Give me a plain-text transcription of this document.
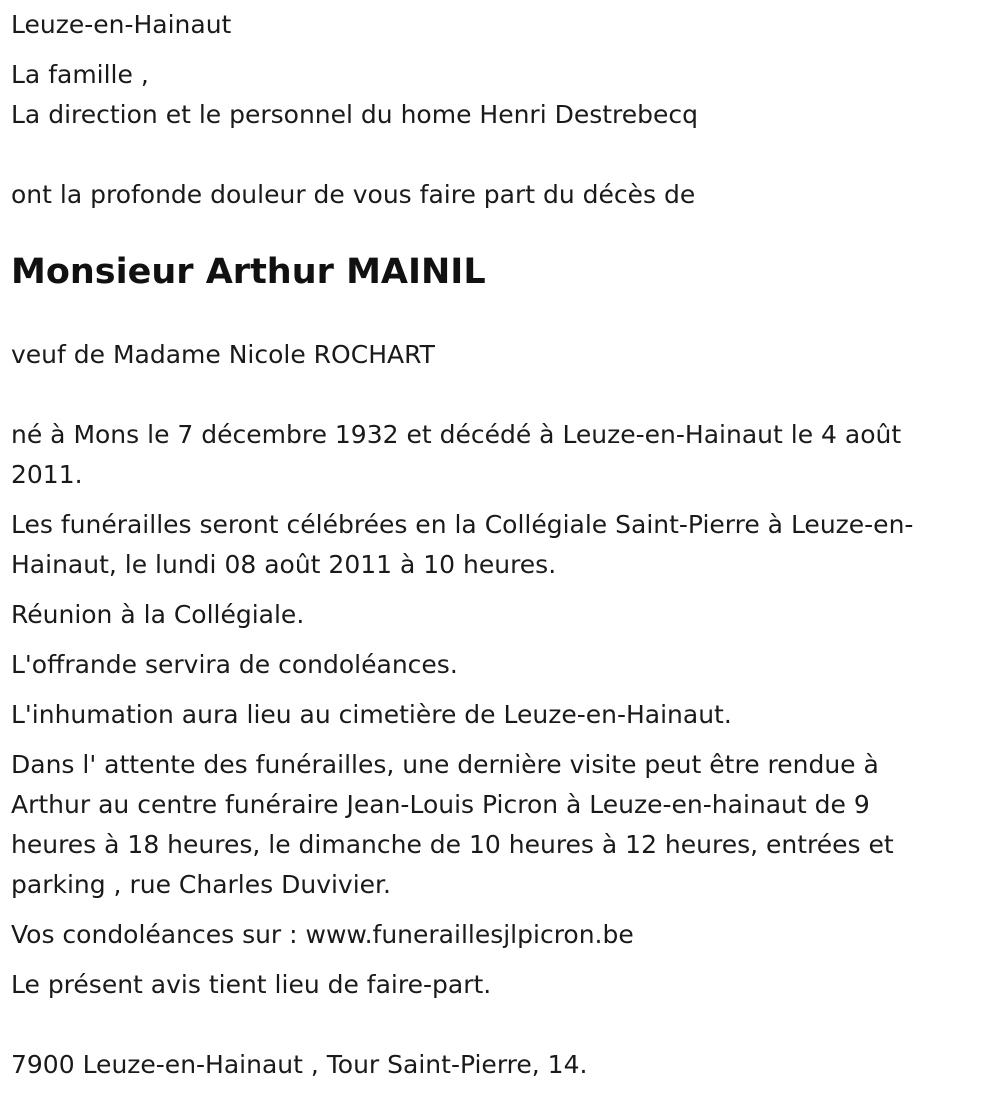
Leuze-en-Hainaut

La famille ,

La direction et le personnel du home Henri Destrebecq

ont la profonde douleur de vous faire part du décès de

Monsieur Arthur MAINIL

veuf de Madame Nicole ROCHART

né à Mons le 7 décembre 1932 et décédé à Leuze-en-Hainaut le 4 août 2011.

Les funérailles seront célébrées en la Collégiale Saint-Pierre à Leuze-en-Hainaut, le lundi 08 août 2011 à 10 heures.

Réunion à la Collégiale.

L'offrande servira de condoléances.

L'inhumation aura lieu au cimetière de Leuze-en-Hainaut.

Dans l' attente des funérailles, une dernière visite peut être rendue à Arthur au centre funéraire Jean-Louis Picron à Leuze-en-hainaut de 9 heures à 18 heures, le dimanche de 10 heures à 12 heures, entrées et parking , rue Charles Duvivier.

Vos condoléances sur : www.funeraillesjlpicron.be

Le présent avis tient lieu de faire-part.

7900 Leuze-en-Hainaut , Tour Saint-Pierre, 14.
